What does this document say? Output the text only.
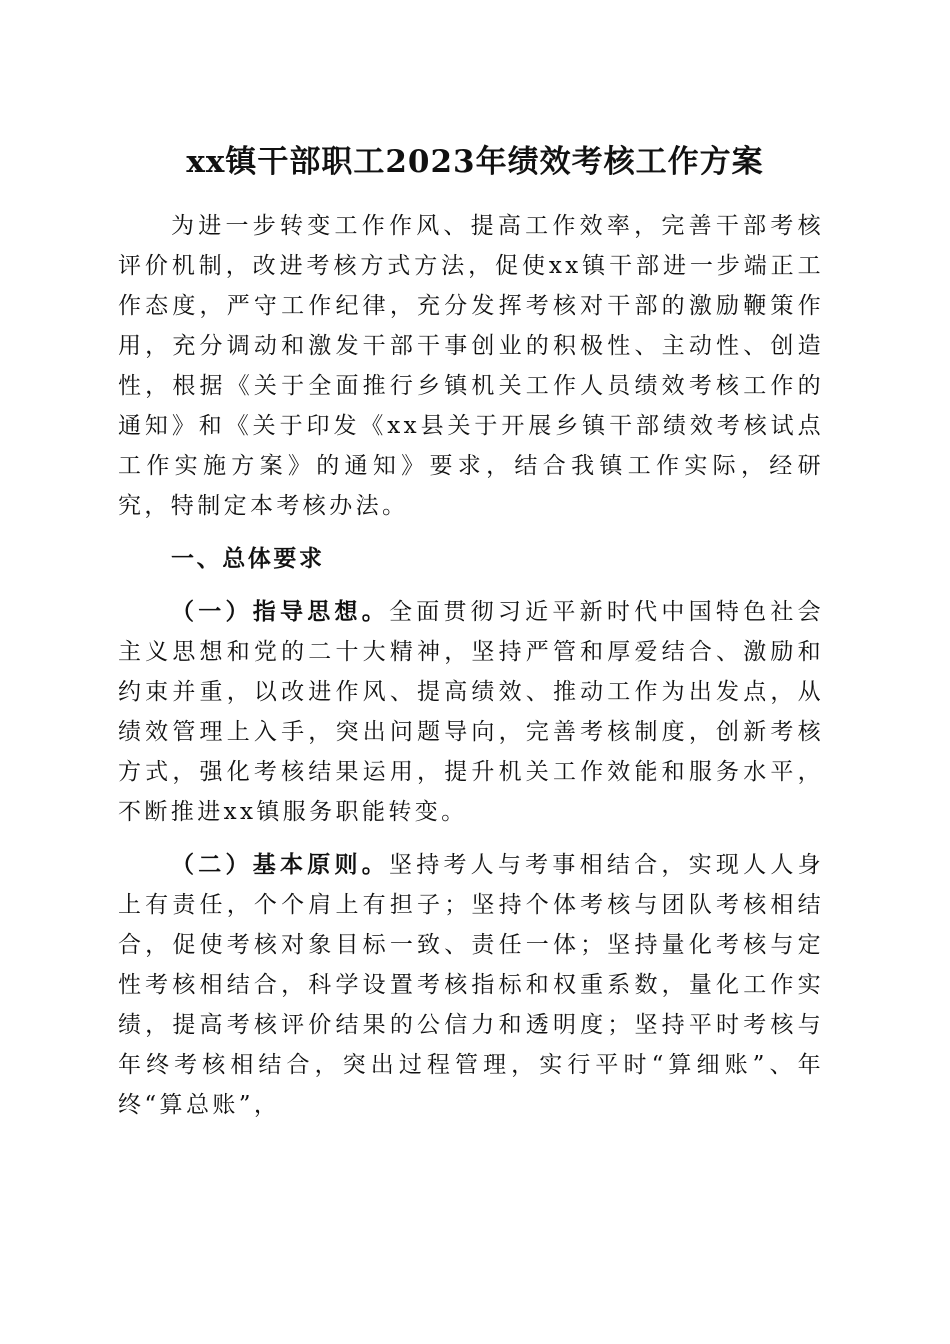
xx镇干部职工2023年绩效考核工作方案

为进一步转变工作作风、提高工作效率，完善干部考核评价机制，改进考核方式方法，促使xx镇干部进一步端正工作态度，严守工作纪律，充分发挥考核对干部的激励鞭策作用，充分调动和激发干部干事创业的积极性、主动性、创造性，根据《关于全面推行乡镇机关工作人员绩效考核工作的通知》和《关于印发《xx县关于开展乡镇干部绩效考核试点工作实施方案》的通知》要求，结合我镇工作实际，经研究，特制定本考核办法。

一、总体要求

（一）指导思想。全面贯彻习近平新时代中国特色社会主义思想和党的二十大精神，坚持严管和厚爱结合、激励和约束并重，以改进作风、提高绩效、推动工作为出发点，从绩效管理上入手，突出问题导向，完善考核制度，创新考核方式，强化考核结果运用，提升机关工作效能和服务水平，不断推进xx镇服务职能转变。

（二）基本原则。坚持考人与考事相结合，实现人人身上有责任，个个肩上有担子；坚持个体考核与团队考核相结合，促使考核对象目标一致、责任一体；坚持量化考核与定性考核相结合，科学设置考核指标和权重系数，量化工作实绩，提高考核评价结果的公信力和透明度；坚持平时考核与年终考核相结合，突出过程管理，实行平时“算细账”、年终“算总账”，
